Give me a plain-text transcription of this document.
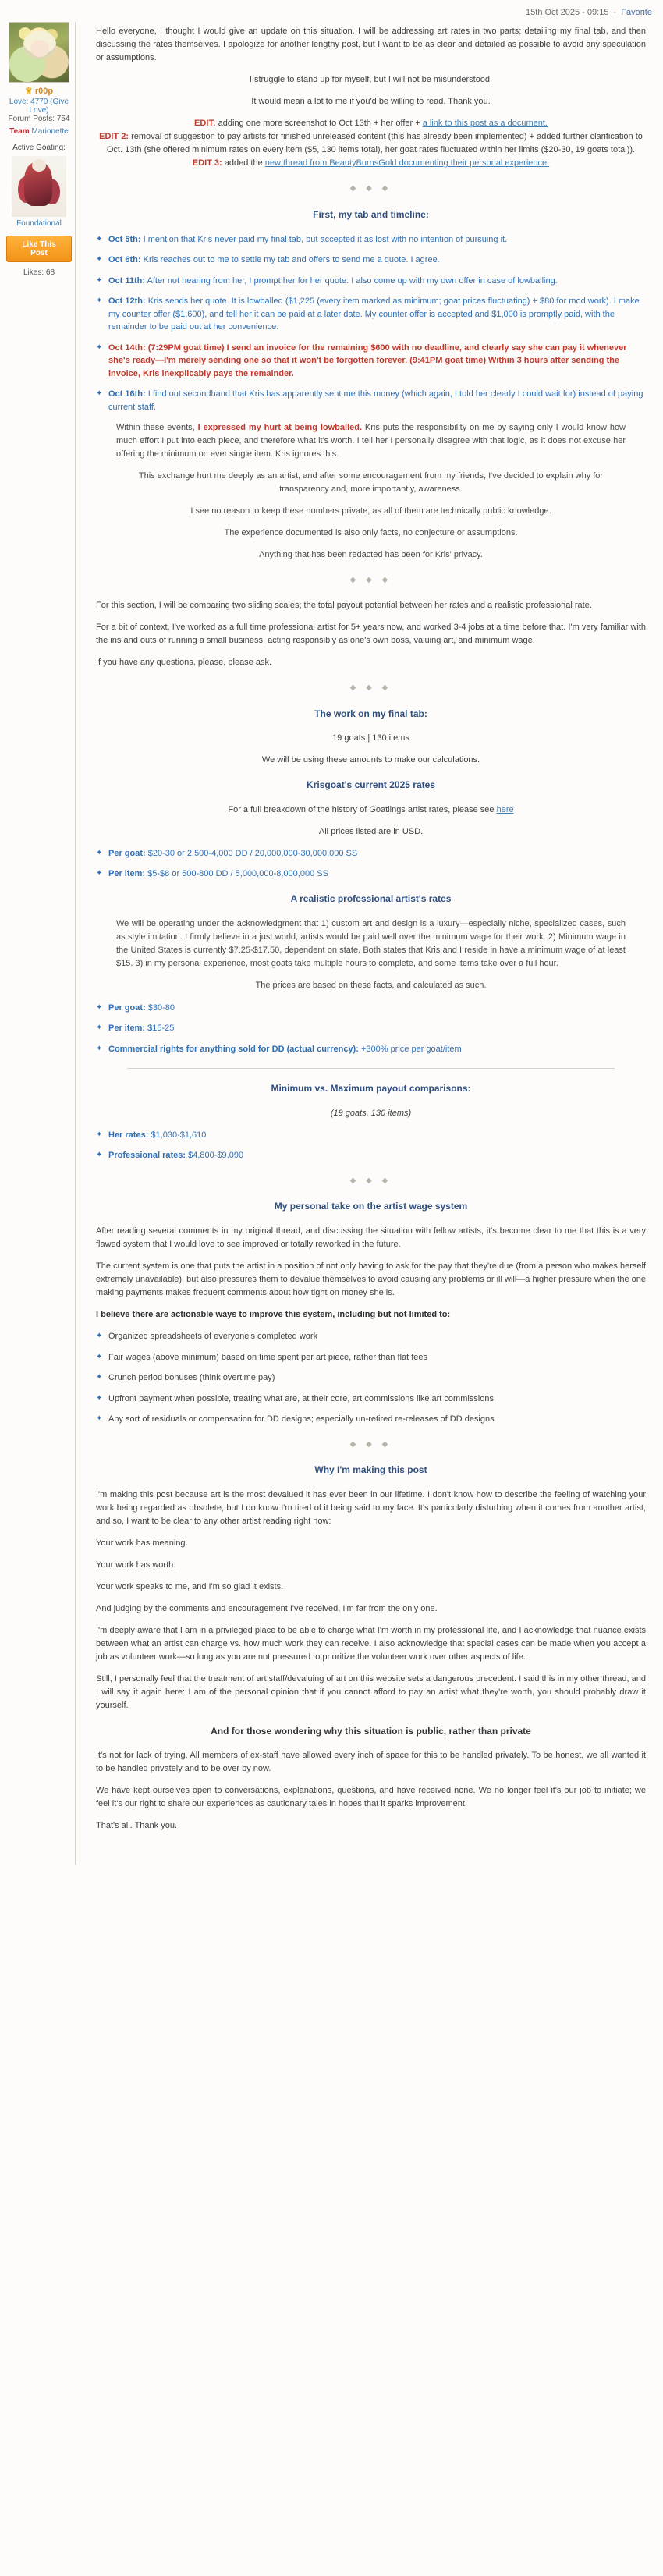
15th Oct 2025 - 09:15 - Favorite
♕ r00p
Love: 4770 (Give Love)
Forum Posts: 754
Team Marionette
Active Goating:
Foundational
Like This Post
Likes: 68

Hello everyone, I thought I would give an update on this situation. I will be addressing art rates in two parts; detailing my final tab, and then discussing the rates themselves. I apologize for another lengthy post, but I want to be as clear and detailed as possible to avoid any speculation or assumptions.

I struggle to stand up for myself, but I will not be misunderstood.

It would mean a lot to me if you'd be willing to read. Thank you.

EDIT: adding one more screenshot to Oct 13th + her offer + a link to this post as a document.
EDIT 2: removal of suggestion to pay artists for finished unreleased content (this has already been implemented) + added further clarification to Oct. 13th (she offered minimum rates on every item ($5, 130 items total), her goat rates fluctuated within her limits ($20-30, 19 goats total)).
EDIT 3: added the new thread from BeautyBurnsGold documenting their personal experience.

◆ ◆ ◆
First, my tab and timeline:
✦ Oct 5th: I mention that Kris never paid my final tab, but accepted it as lost with no intention of pursuing it.
✦ Oct 6th: Kris reaches out to me to settle my tab and offers to send me a quote. I agree.
✦ Oct 11th: After not hearing from her, I prompt her for her quote. I also come up with my own offer in case of lowballing.
✦ Oct 12th: Kris sends her quote. It is lowballed ($1,225 (every item marked as minimum; goat prices fluctuating) + $80 for mod work). I make my counter offer ($1,600), and tell her it can be paid at a later date. My counter offer is accepted and $1,000 is promptly paid, with the remainder to be paid out at her convenience.
✦ Oct 14th: (7:29PM goat time) I send an invoice for the remaining $600 with no deadline, and clearly say she can pay it whenever she's ready—I'm merely sending one so that it won't be forgotten forever. (9:41PM goat time) Within 3 hours after sending the invoice, Kris inexplicably pays the remainder.
✦ Oct 16th: I find out secondhand that Kris has apparently sent me this money (which again, I told her clearly I could wait for) instead of paying current staff.

Within these events, I expressed my hurt at being lowballed. Kris puts the responsibility on me by saying only I would know how much effort I put into each piece, and therefore what it's worth. I tell her I personally disagree with that logic, as it does not excuse her offering the minimum on ever single item. Kris ignores this.

This exchange hurt me deeply as an artist, and after some encouragement from my friends, I've decided to explain why for transparency and, more importantly, awareness.

I see no reason to keep these numbers private, as all of them are technically public knowledge.

The experience documented is also only facts, no conjecture or assumptions.

Anything that has been redacted has been for Kris' privacy.

◆ ◆ ◆

For this section, I will be comparing two sliding scales; the total payout potential between her rates and a realistic professional rate.

For a bit of context, I've worked as a full time professional artist for 5+ years now, and worked 3-4 jobs at a time before that. I'm very familiar with the ins and outs of running a small business, acting responsibly as one's own boss, valuing art, and minimum wage.

If you have any questions, please, please ask.

◆ ◆ ◆
The work on my final tab:

19 goats | 130 items

We will be using these amounts to make our calculations.

Krisgoat's current 2025 rates

For a full breakdown of the history of Goatlings artist rates, please see here

All prices listed are in USD.

✦ Per goat: $20-30 or 2,500-4,000 DD / 20,000,000-30,000,000 SS
✦ Per item: $5-$8 or 500-800 DD / 5,000,000-8,000,000 SS
A realistic professional artist's rates

We will be operating under the acknowledgment that 1) custom art and design is a luxury—especially niche, specialized cases, such as style imitation. I firmly believe in a just world, artists would be paid well over the minimum wage for their work. 2) Minimum wage in the United States is currently $7.25-$17.50, dependent on state. Both states that Kris and I reside in have a minimum wage of at least $15. 3) in my personal experience, most goats take multiple hours to complete, and some items take over a full hour.

The prices are based on these facts, and calculated as such.

✦ Per goat: $30-80
✦ Per item: $15-25
✦ Commercial rights for anything sold for DD (actual currency): +300% price per goat/item
Minimum vs. Maximum payout comparisons:

(19 goats, 130 items)

✦ Her rates: $1,030-$1,610
✦ Professional rates: $4,800-$9,090
◆ ◆ ◆
My personal take on the artist wage system

After reading several comments in my original thread, and discussing the situation with fellow artists, it's become clear to me that this is a very flawed system that I would love to see improved or totally reworked in the future.

The current system is one that puts the artist in a position of not only having to ask for the pay that they're due (from a person who makes herself extremely unavailable), but also pressures them to devalue themselves to avoid causing any problems or ill will—a higher pressure when the one making payments makes frequent comments about how tight on money she is.

I believe there are actionable ways to improve this system, including but not limited to:

✦ Organized spreadsheets of everyone's completed work
✦ Fair wages (above minimum) based on time spent per art piece, rather than flat fees
✦ Crunch period bonuses (think overtime pay)
✦ Upfront payment when possible, treating what are, at their core, art commissions like art commissions
✦ Any sort of residuals or compensation for DD designs; especially un-retired re-releases of DD designs
◆ ◆ ◆
Why I'm making this post

I'm making this post because art is the most devalued it has ever been in our lifetime. I don't know how to describe the feeling of watching your work being regarded as obsolete, but I do know I'm tired of it being said to my face. It's particularly disturbing when it comes from another artist, and so, I want to be clear to any other artist reading right now:

Your work has meaning.

Your work has worth.

Your work speaks to me, and I'm so glad it exists.

And judging by the comments and encouragement I've received, I'm far from the only one.

I'm deeply aware that I am in a privileged place to be able to charge what I'm worth in my professional life, and I acknowledge that nuance exists between what an artist can charge vs. how much work they can receive. I also acknowledge that special cases can be made when you accept a job as volunteer work—so long as you are not pressured to prioritize the volunteer work over other aspects of life.

Still, I personally feel that the treatment of art staff/devaluing of art on this website sets a dangerous precedent. I said this in my other thread, and I will say it again here: I am of the personal opinion that if you cannot afford to pay an artist what they're worth, you should probably draw it yourself.

And for those wondering why this situation is public, rather than private

It's not for lack of trying. All members of ex-staff have allowed every inch of space for this to be handled privately. To be honest, we all wanted it to be handled privately and to be over by now.

We have kept ourselves open to conversations, explanations, questions, and have received none. We no longer feel it's our job to initiate; we feel it's our right to share our experiences as cautionary tales in hopes that it sparks improvement.

That's all. Thank you.
